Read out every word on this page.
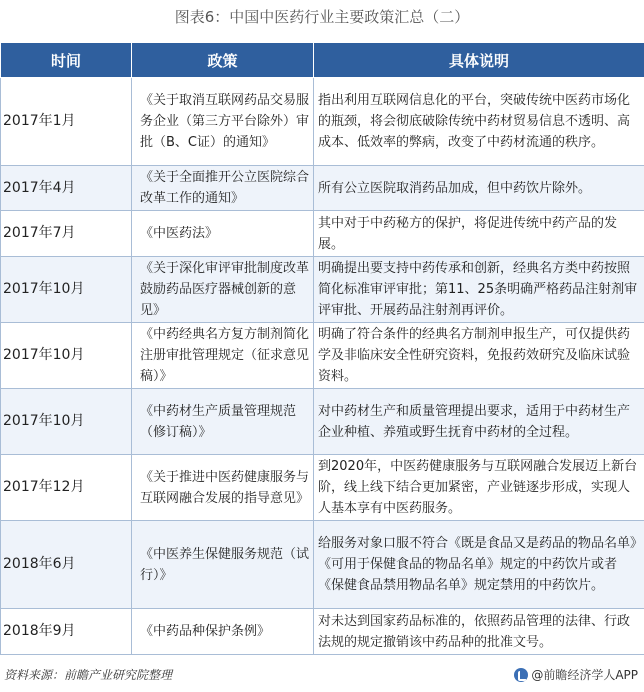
图表6：中国中医药行业主要政策汇总（二）
时间	政策	具体说明
2017年1月	《关于取消互联网药品交易服务企业（第三方平台除外）审批（B、C证）的通知》	指出利用互联网信息化的平台，突破传统中医药市场化的瓶颈，将会彻底破除传统中药材贸易信息不透明、高成本、低效率的弊病，改变了中药材流通的秩序。
2017年4月	《关于全面推开公立医院综合改革工作的通知》	所有公立医院取消药品加成，但中药饮片除外。
2017年7月	《中医药法》	其中对于中药秘方的保护，将促进传统中药产品的发展。
2017年10月	《关于深化审评审批制度改革鼓励药品医疗器械创新的意见》	明确提出要支持中药传承和创新，经典名方类中药按照简化标准审评审批；第11、25条明确严格药品注射剂审评审批、开展药品注射剂再评价。
2017年10月	《中药经典名方复方制剂简化注册审批管理规定（征求意见稿）》	明确了符合条件的经典名方制剂申报生产，可仅提供药学及非临床安全性研究资料，免报药效研究及临床试验资料。
2017年10月	《中药材生产质量管理规范（修订稿）》	对中药材生产和质量管理提出要求，适用于中药材生产企业种植、养殖或野生抚育中药材的全过程。
2017年12月	《关于推进中医药健康服务与互联网融合发展的指导意见》	到2020年，中医药健康服务与互联网融合发展迈上新台阶，线上线下结合更加紧密，产业链逐步形成，实现人人基本享有中医药服务。
2018年6月	《中医养生保健服务规范（试行）》	给服务对象口服不符合《既是食品又是药品的物品名单》《可用于保健食品的物品名单》规定的中药饮片或者《保健食品禁用物品名单》规定禁用的中药饮片。
2018年9月	《中药品种保护条例》	对未达到国家药品标准的，依照药品管理的法律、行政法规的规定撤销该中药品种的批准文号。
资料来源：前瞻产业研究院整理	@前瞻经济学人APP
